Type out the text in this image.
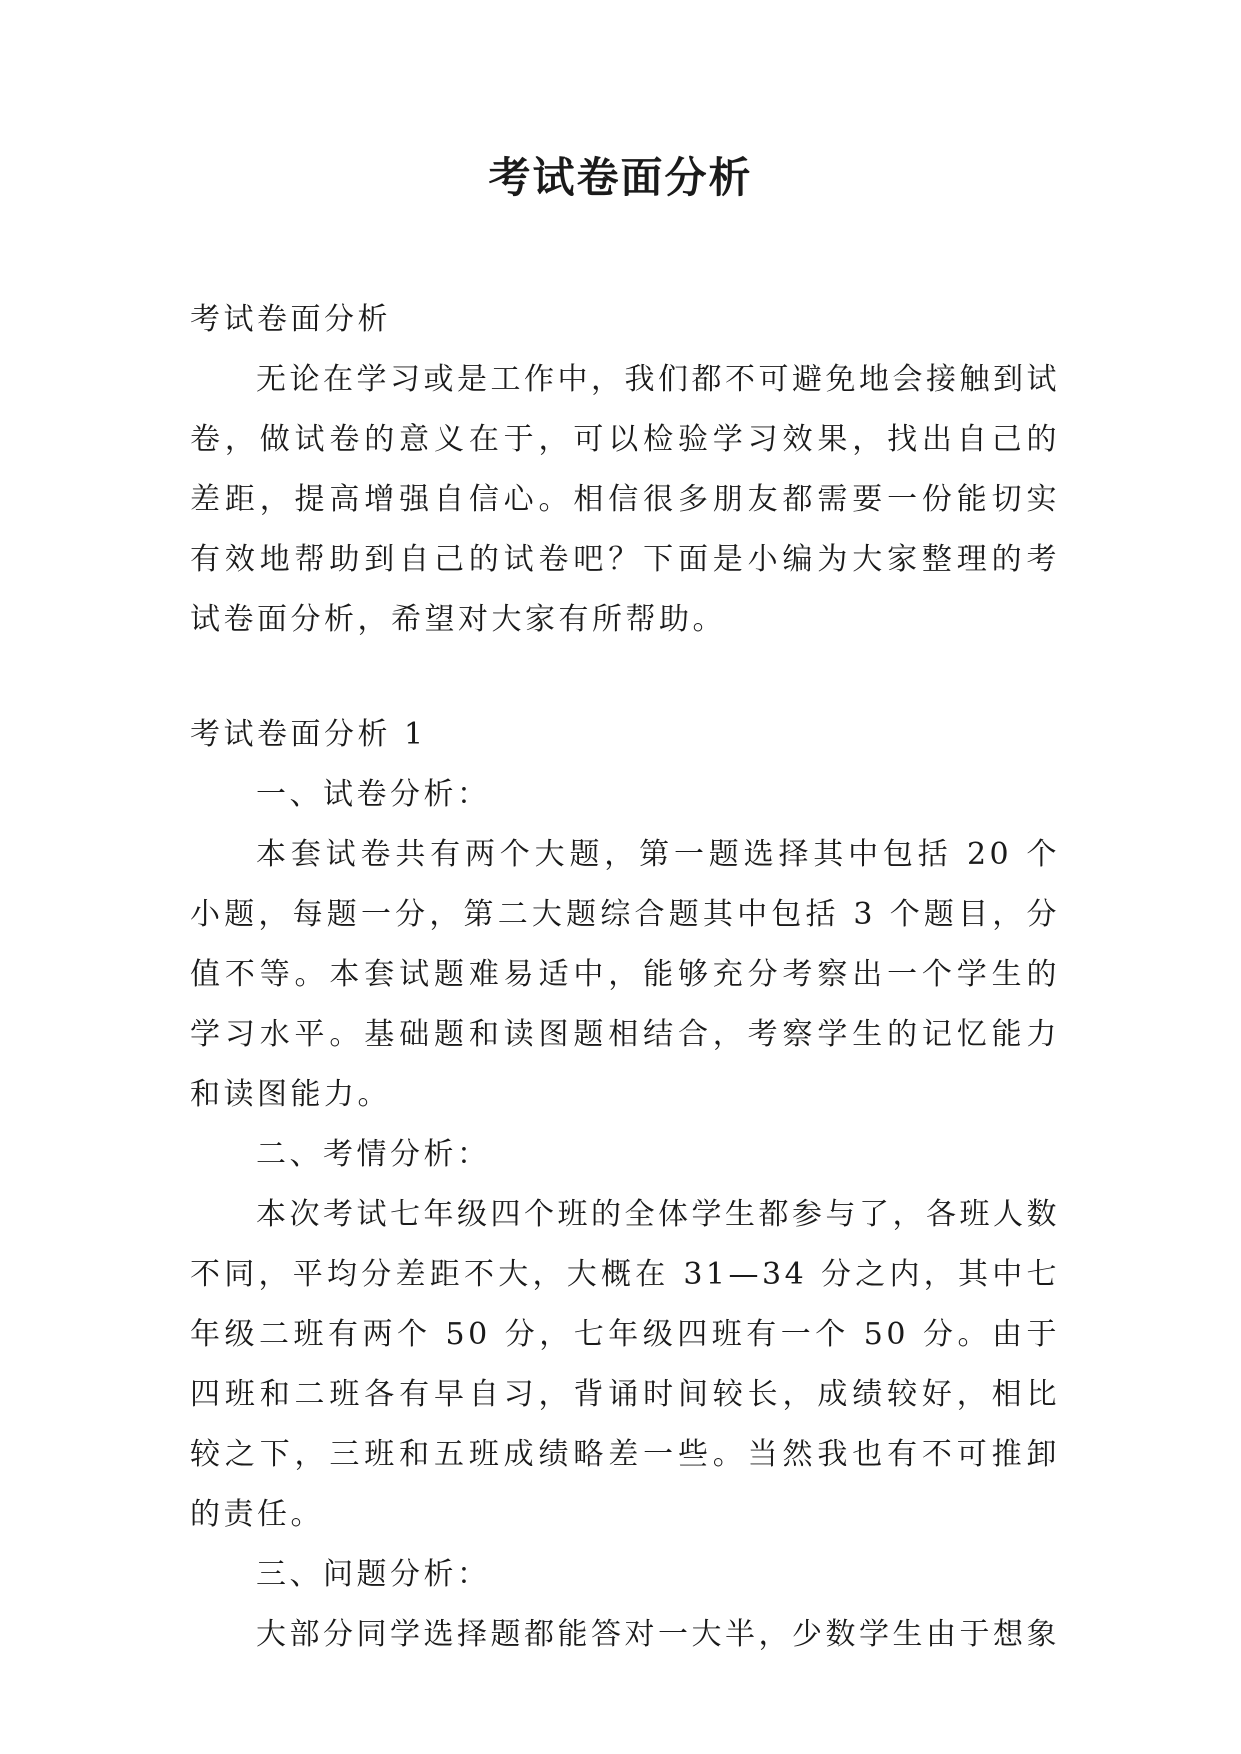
考试卷面分析

考试卷面分析

无论在学习或是工作中，我们都不可避免地会接触到试卷，做试卷的意义在于，可以检验学习效果，找出自己的差距，提高增强自信心。相信很多朋友都需要一份能切实有效地帮助到自己的试卷吧？下面是小编为大家整理的考试卷面分析，希望对大家有所帮助。

考试卷面分析 1

一、试卷分析：

本套试卷共有两个大题，第一题选择其中包括 20 个小题，每题一分，第二大题综合题其中包括 3 个题目，分值不等。本套试题难易适中，能够充分考察出一个学生的学习水平。基础题和读图题相结合，考察学生的记忆能力和读图能力。

二、考情分析：

本次考试七年级四个班的全体学生都参与了，各班人数不同，平均分差距不大，大概在 31—34 分之内，其中七年级二班有两个 50 分，七年级四班有一个 50 分。由于四班和二班各有早自习，背诵时间较长，成绩较好，相比较之下，三班和五班成绩略差一些。当然我也有不可推卸的责任。

三、问题分析：

大部分同学选择题都能答对一大半，少数学生由于想象
